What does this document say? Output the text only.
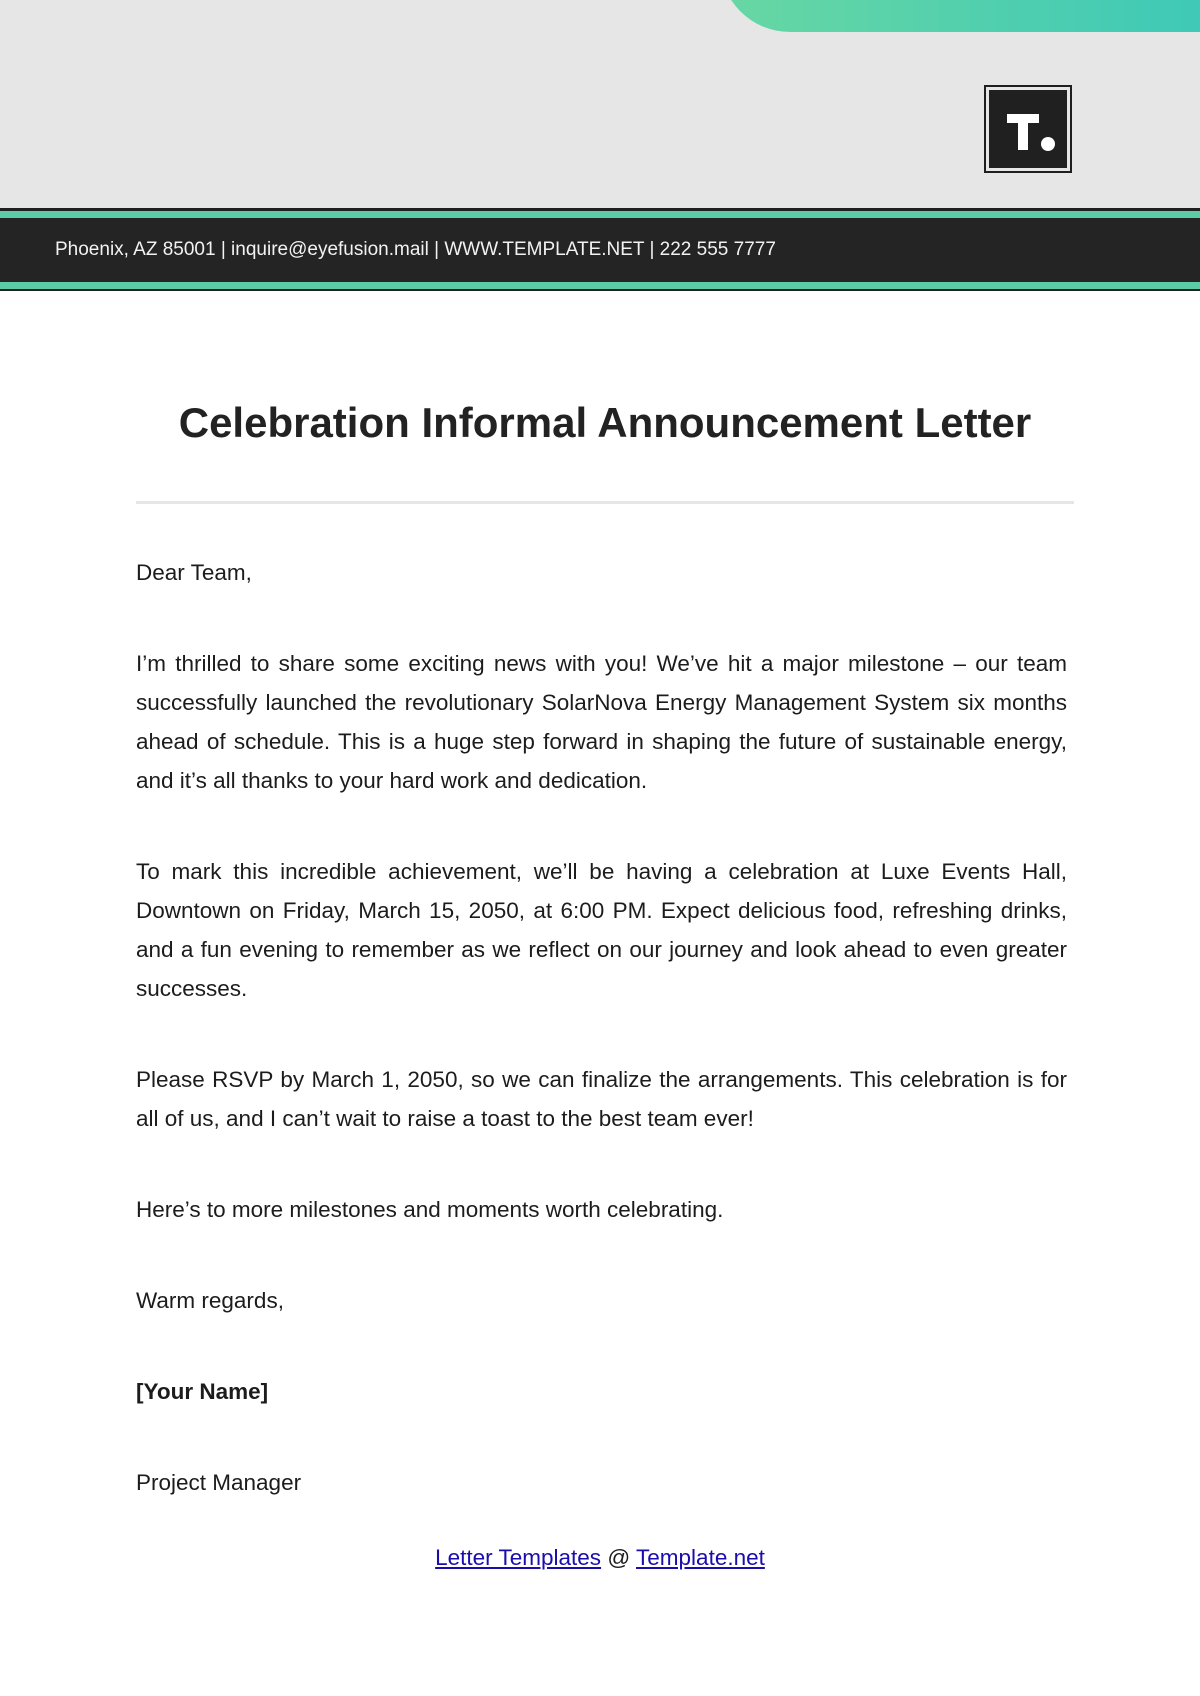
Phoenix, AZ 85001 | inquire@eyefusion.mail | WWW.TEMPLATE.NET | 222 555 7777
Celebration Informal Announcement Letter

Dear Team,

I’m thrilled to share some exciting news with you! We’ve hit a major milestone – our team successfully launched the revolutionary SolarNova Energy Management System six months ahead of schedule. This is a huge step forward in shaping the future of sustainable energy, and it’s all thanks to your hard work and dedication.

To mark this incredible achievement, we’ll be having a celebration at Luxe Events Hall, Downtown on Friday, March 15, 2050, at 6:00 PM. Expect delicious food, refreshing drinks, and a fun evening to remember as we reflect on our journey and look ahead to even greater successes.

Please RSVP by March 1, 2050, so we can finalize the arrangements. This celebration is for all of us, and I can’t wait to raise a toast to the best team ever!

Here’s to more milestones and moments worth celebrating.

Warm regards,

[Your Name]

Project Manager

Letter Templates @ Template.net
